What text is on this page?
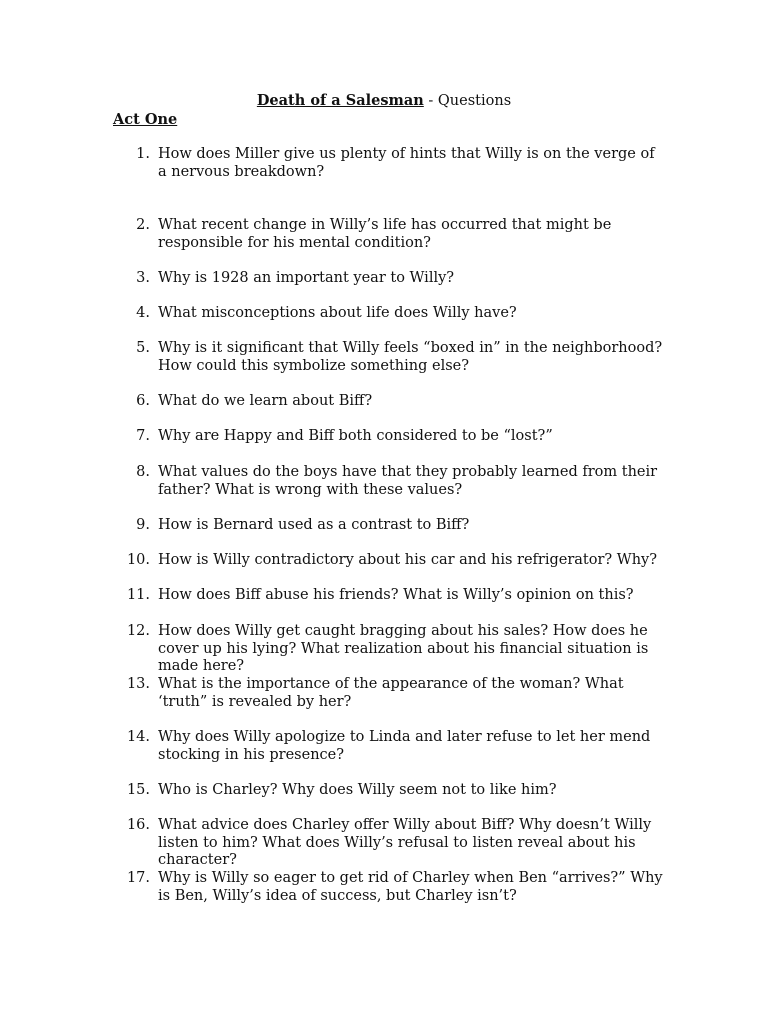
Death of a Salesman - Questions
Act One
1. How does Miller give us plenty of hints that Willy is on the verge of a nervous breakdown?
2. What recent change in Willy’s life has occurred that might be responsible for his mental condition?
3. Why is 1928 an important year to Willy?
4. What misconceptions about life does Willy have?
5. Why is it significant that Willy feels “boxed in” in the neighborhood? How could this symbolize something else?
6. What do we learn about Biff?
7. Why are Happy and Biff both considered to be “lost?”
8. What values do the boys have that they probably learned from their father? What is wrong with these values?
9. How is Bernard used as a contrast to Biff?
10. How is Willy contradictory about his car and his refrigerator? Why?
11. How does Biff abuse his friends? What is Willy’s opinion on this?
12. How does Willy get caught bragging about his sales? How does he cover up his lying? What realization about his financial situation is made here?
13. What is the importance of the appearance of the woman? What ‘truth” is revealed by her?
14. Why does Willy apologize to Linda and later refuse to let her mend stocking in his presence?
15. Who is Charley? Why does Willy seem not to like him?
16. What advice does Charley offer Willy about Biff? Why doesn’t Willy listen to him? What does Willy’s refusal to listen reveal about his character?
17. Why is Willy so eager to get rid of Charley when Ben “arrives?” Why is Ben, Willy’s idea of success, but Charley isn’t?
